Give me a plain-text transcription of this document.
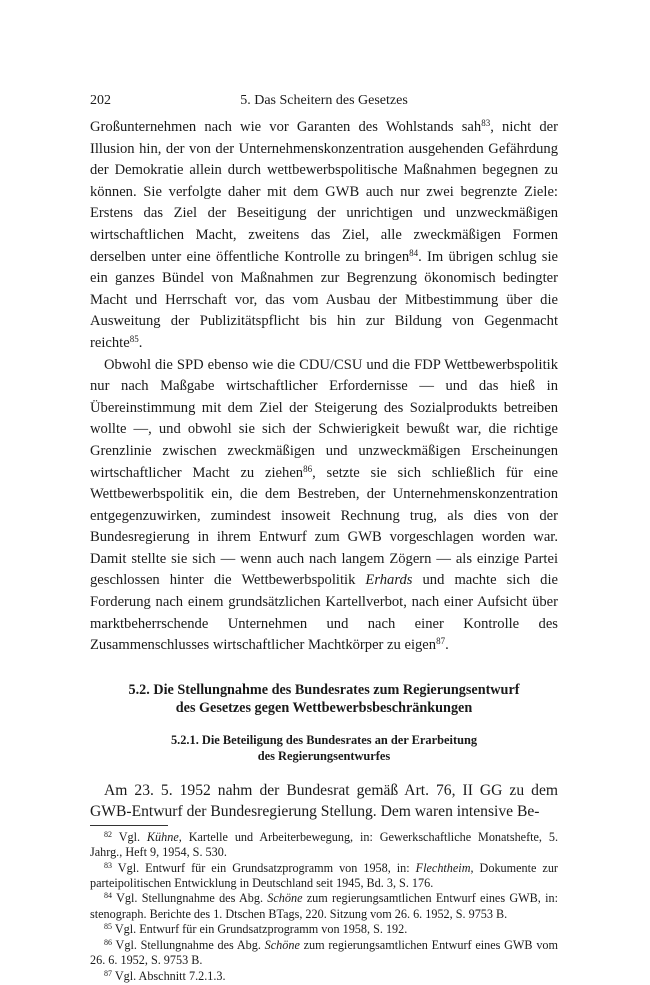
202	5. Das Scheitern des Gesetzes

Großunternehmen nach wie vor Garanten des Wohlstands sah$^{83}$, nicht der Illusion hin, der von der Unternehmenskonzentration ausgehenden Gefährdung der Demokratie allein durch wettbewerbspolitische Maßnahmen begegnen zu können. Sie verfolgte daher mit dem GWB auch nur zwei begrenzte Ziele: Erstens das Ziel der Beseitigung der unrichtigen und unzweckmäßigen wirtschaftlichen Macht, zweitens das Ziel, alle zweckmäßigen Formen derselben unter eine öffentliche Kontrolle zu bringen$^{84}$. Im übrigen schlug sie ein ganzes Bündel von Maßnahmen zur Begrenzung ökonomisch bedingter Macht und Herrschaft vor, das vom Ausbau der Mitbestimmung über die Ausweitung der Publizitätspflicht bis hin zur Bildung von Gegenmacht reichte$^{85}$.

Obwohl die SPD ebenso wie die CDU/CSU und die FDP Wettbewerbspolitik nur nach Maßgabe wirtschaftlicher Erfordernisse — und das hieß in Übereinstimmung mit dem Ziel der Steigerung des Sozialprodukts betreiben wollte —, und obwohl sie sich der Schwierigkeit bewußt war, die richtige Grenzlinie zwischen zweckmäßigen und unzweckmäßigen Erscheinungen wirtschaftlicher Macht zu ziehen$^{86}$, setzte sie sich schließlich für eine Wettbewerbspolitik ein, die dem Bestreben, der Unternehmenskonzentration entgegenzuwirken, zumindest insoweit Rechnung trug, als dies von der Bundesregierung in ihrem Entwurf zum GWB vorgeschlagen worden war. Damit stellte sie sich — wenn auch nach langem Zögern — als einzige Partei geschlossen hinter die Wettbewerbspolitik Erhards und machte sich die Forderung nach einem grundsätzlichen Kartellverbot, nach einer Aufsicht über marktbeherrschende Unternehmen und nach einer Kontrolle des Zusammenschlusses wirtschaftlicher Machtkörper zu eigen$^{87}$.

5.2. Die Stellungnahme des Bundesrates zum Regierungsentwurf
des Gesetzes gegen Wettbewerbsbeschränkungen
5.2.1. Die Beteiligung des Bundesrates an der Erarbeitung
des Regierungsentwurfes

Am 23. 5. 1952 nahm der Bundesrat gemäß Art. 76, II GG zu dem GWB-Entwurf der Bundesregierung Stellung. Dem waren intensive Be-

$^{82}$ Vgl. Kühne, Kartelle und Arbeiterbewegung, in: Gewerkschaftliche Monatshefte, 5. Jahrg., Heft 9, 1954, S. 530.

$^{83}$ Vgl. Entwurf für ein Grundsatzprogramm von 1958, in: Flechtheim, Dokumente zur parteipolitischen Entwicklung in Deutschland seit 1945, Bd. 3, S. 176.

$^{84}$ Vgl. Stellungnahme des Abg. Schöne zum regierungsamtlichen Entwurf eines GWB, in: stenograph. Berichte des 1. Dtschen BTags, 220. Sitzung vom 26. 6. 1952, S. 9753 B.

$^{85}$ Vgl. Entwurf für ein Grundsatzprogramm von 1958, S. 192.

$^{86}$ Vgl. Stellungnahme des Abg. Schöne zum regierungsamtlichen Entwurf eines GWB vom 26. 6. 1952, S. 9753 B.

$^{87}$ Vgl. Abschnitt 7.2.1.3.
